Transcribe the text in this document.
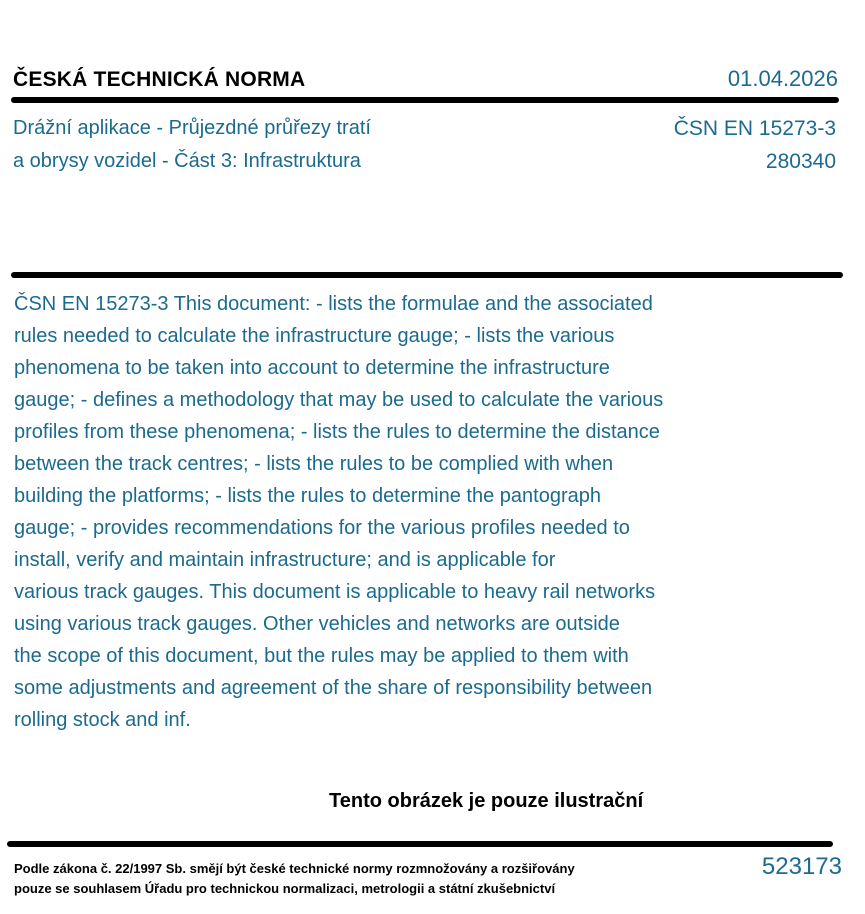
ČESKÁ TECHNICKÁ NORMA	01.04.2026
Drážní aplikace - Průjezdné průřezy tratí
a obrysy vozidel - Část 3: Infrastruktura
ČSN EN 15273-3
280340
ČSN EN 15273-3 This document: - lists the formulae and the associated
rules needed to calculate the infrastructure gauge; - lists the various
phenomena to be taken into account to determine the infrastructure
gauge; - defines a methodology that may be used to calculate the various
profiles from these phenomena; - lists the rules to determine the distance
between the track centres; - lists the rules to be complied with when
building the platforms; - lists the rules to determine the pantograph
gauge; - provides recommendations for the various profiles needed to
install, verify and maintain infrastructure; and is applicable for
various track gauges. This document is applicable to heavy rail networks
using various track gauges. Other vehicles and networks are outside
the scope of this document, but the rules may be applied to them with
some adjustments and agreement of the share of responsibility between
rolling stock and inf.
Tento obrázek je pouze ilustrační
Podle zákona č. 22/1997 Sb. smějí být české technické normy rozmnožovány a rozšiřovány
pouze se souhlasem Úřadu pro technickou normalizaci, metrologii a státní zkušebnictví
523173
